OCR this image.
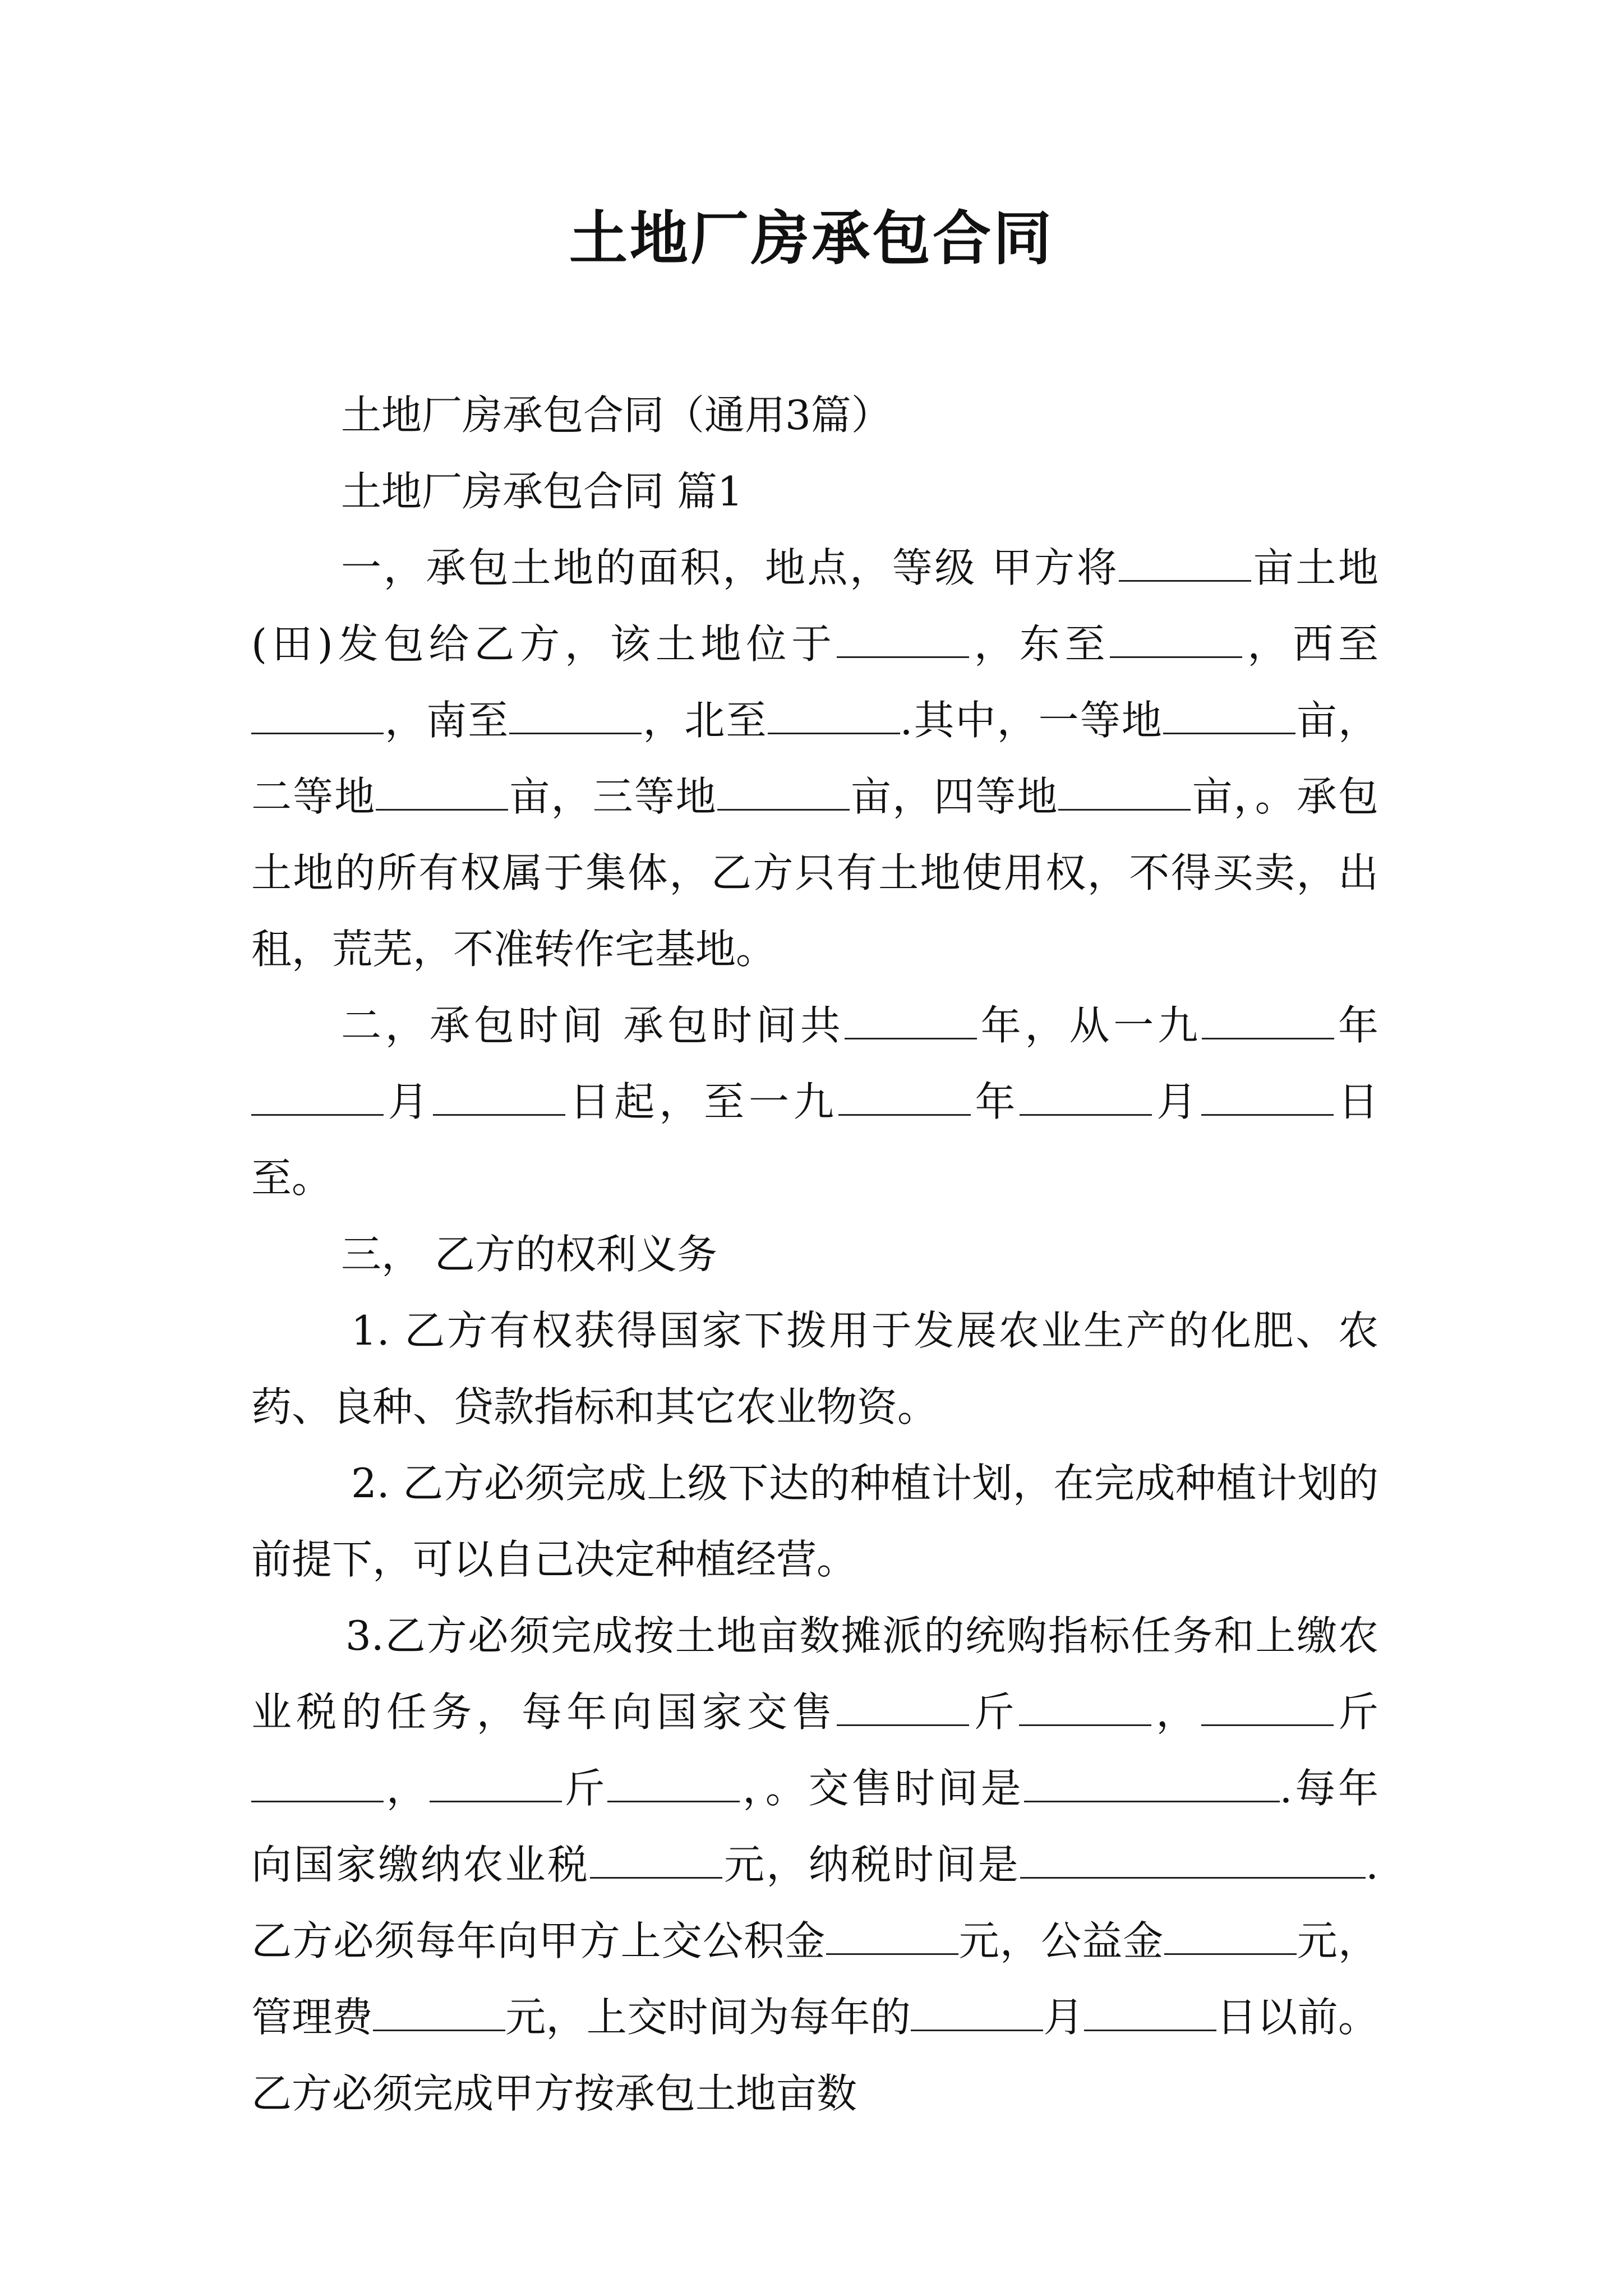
土地厂房承包合同

土地厂房承包合同（通用3篇）

土地厂房承包合同 篇1

一，承包土地的面积，地点，等级 甲方将	亩土地(田)发包给乙方，该土地位于	，东至	，西至，南至	，北至	.其中，一等地	亩，二等地	亩，三等地	亩，四等地	亩，。承包土地的所有权属于集体，乙方只有土地使用权，不得买卖，出租，荒芜，不准转作宅基地。

二，承包时间 承包时间共	年，从一九	年月	日起，至一九	年	月	日至。

三， 乙方的权利义务

1. 乙方有权获得国家下拨用于发展农业生产的化肥、农药、良种、贷款指标和其它农业物资。

2. 乙方必须完成上级下达的种植计划，在完成种植计划的前提下，可以自己决定种植经营。

3.乙方必须完成按土地亩数摊派的统购指标任务和上缴农业税的任务，每年向国家交售	斤	，	斤，	斤	，。交售时间是	.每年向国家缴纳农业税	元，纳税时间是	.乙方必须每年向甲方上交公积金	元，公益金	元，管理费	元，上交时间为每年的	月	日以前。乙方必须完成甲方按承包土地亩数
